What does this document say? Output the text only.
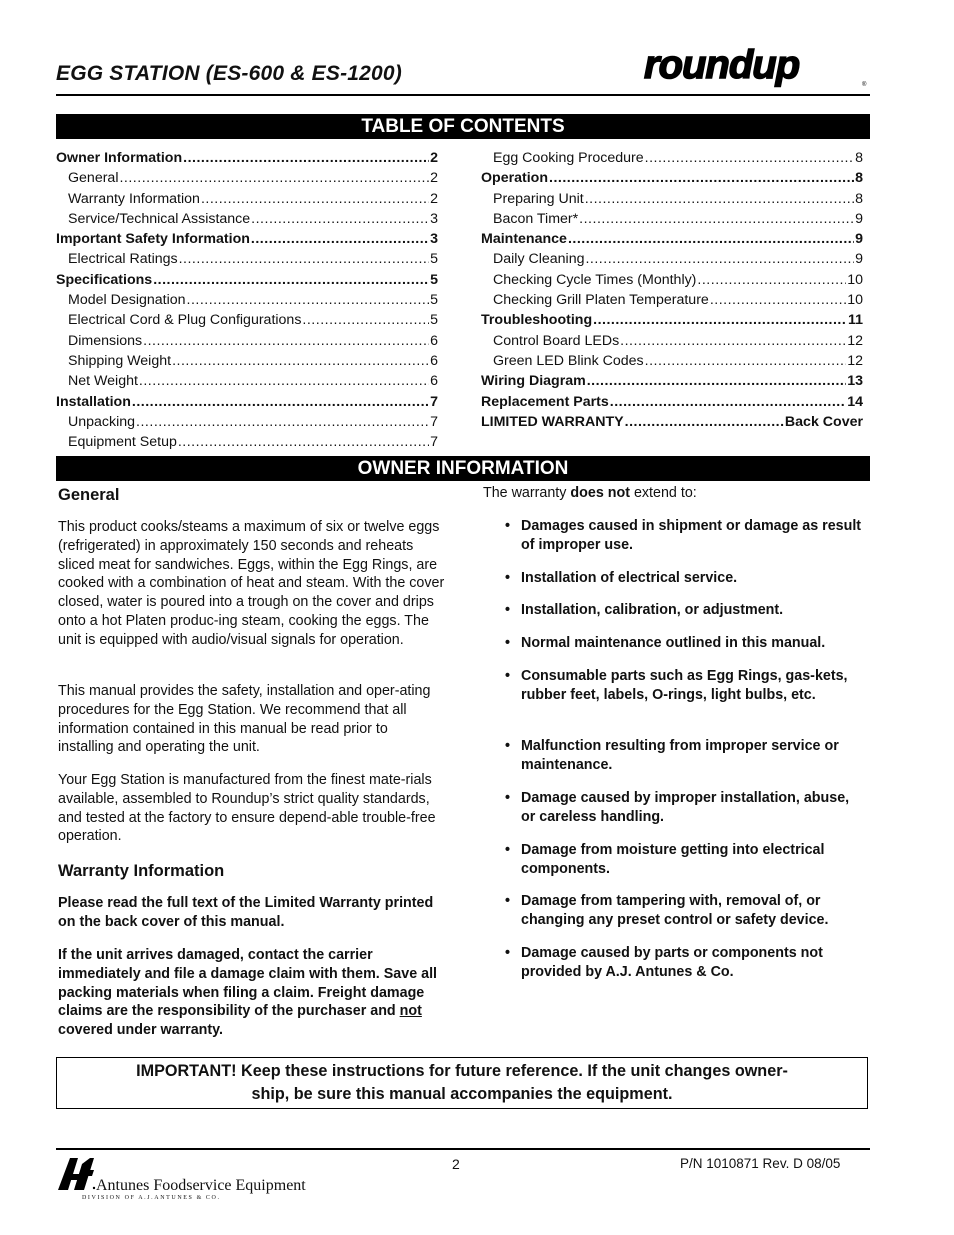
EGG STATION (ES-600 & ES-1200)	roundup	®
TABLE OF CONTENTS
Owner Information .....	2
General .....	2
Warranty Information .....	2
Service/Technical Assistance .....	3
Important Safety Information .....	3
Electrical Ratings .....	5
Specifications .....	5
Model Designation .....	5
Electrical Cord & Plug Configurations .....	5
Dimensions .....	6
Shipping Weight .....	6
Net Weight .....	6
Installation .....	7
Unpacking .....	7
Equipment Setup .....	7
Egg Cooking Procedure .....	8
Operation .....	8
Preparing Unit .....	8
Bacon Timer* .....	9
Maintenance .....	9
Daily Cleaning .....	9
Checking Cycle Times (Monthly) .....	10
Checking Grill Platen Temperature .....	10
Troubleshooting .....	11
Control Board LEDs .....	12
Green LED Blink Codes .....	12
Wiring Diagram .....	13
Replacement Parts .....	14
LIMITED WARRANTY .....	Back Cover
OWNER INFORMATION
General
This product cooks/steams a maximum of six or twelve eggs (refrigerated) in approximately 150 seconds and reheats sliced meat for sandwiches. Eggs, within the Egg Rings, are cooked with a combination of heat and steam. With the cover closed, water is poured into a trough on the cover and drips onto a hot Platen produc-ing steam, cooking the eggs. The unit is equipped with audio/visual signals for operation.
This manual provides the safety, installation and oper-ating procedures for the Egg Station. We recommend that all information contained in this manual be read prior to installing and operating the unit.
Your Egg Station is manufactured from the finest mate-rials available, assembled to Roundup’s strict quality standards, and tested at the factory to ensure depend-able trouble-free operation.
Warranty Information
Please read the full text of the Limited Warranty printed on the back cover of this manual.
If the unit arrives damaged, contact the carrier immediately and file a damage claim with them. Save all packing materials when filing a claim. Freight damage claims are the responsibility of the purchaser and not covered under warranty.
The warranty does not extend to:
• Damages caused in shipment or damage as result of improper use.
• Installation of electrical service.
• Installation, calibration, or adjustment.
• Normal maintenance outlined in this manual.
• Consumable parts such as Egg Rings, gas-kets, rubber feet, labels, O-rings, light bulbs, etc.
• Malfunction resulting from improper service or maintenance.
• Damage caused by improper installation, abuse, or careless handling.
• Damage from moisture getting into electrical components.
• Damage from tampering with, removal of, or changing any preset control or safety device.
• Damage caused by parts or components not provided by A.J. Antunes & Co.
IMPORTANT! Keep these instructions for future reference. If the unit changes owner-
ship, be sure this manual accompanies the equipment.
Antunes Foodservice Equipment
DIVISION OF A.J.ANTUNES & CO.
2	P/N 1010871 Rev. D 08/05
